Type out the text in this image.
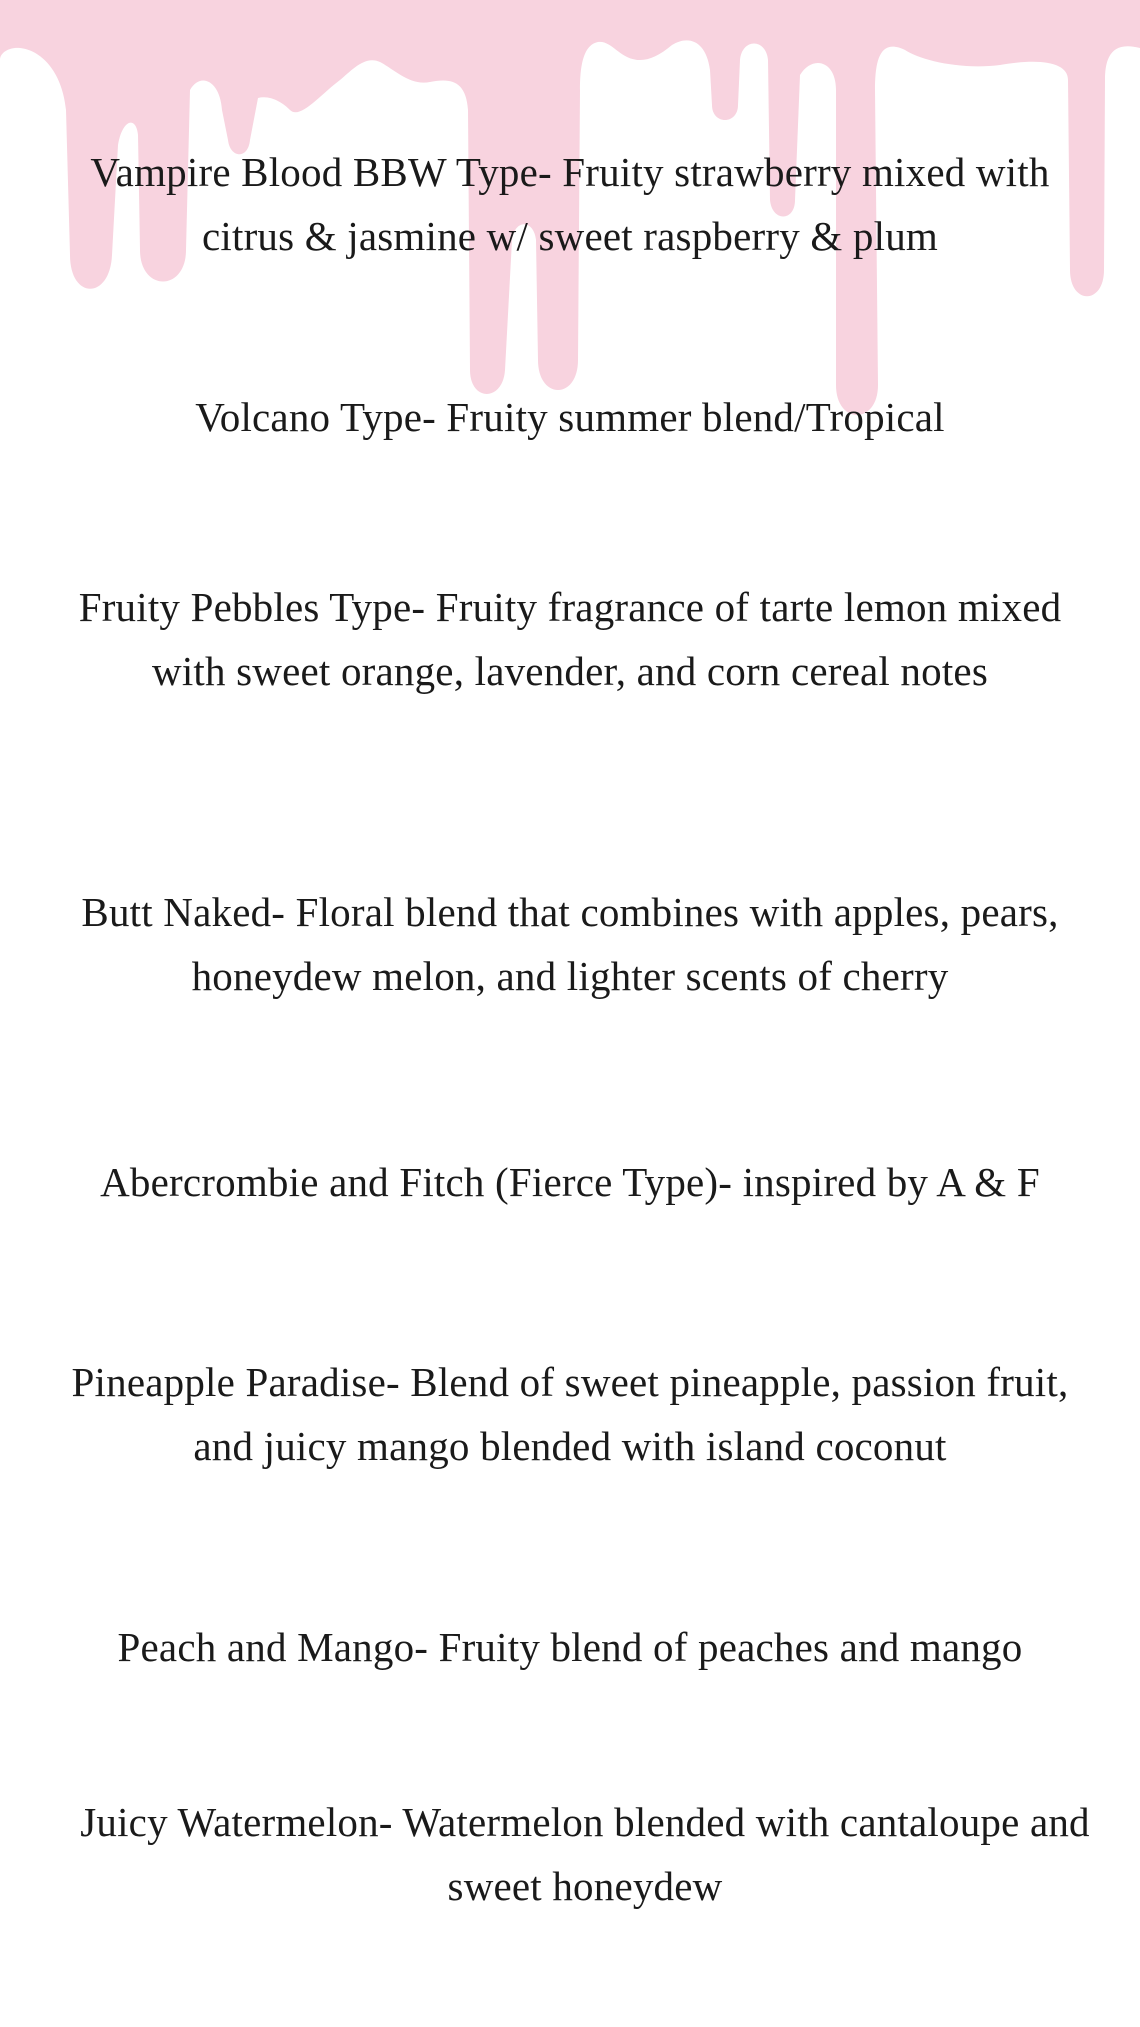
Vampire Blood BBW Type- Fruity strawberry mixed with citrus & jasmine w/ sweet raspberry & plum
Volcano Type- Fruity summer blend/Tropical
Fruity Pebbles Type- Fruity fragrance of tarte lemon mixed with sweet orange, lavender, and corn cereal notes
Butt Naked- Floral blend that combines with apples, pears, honeydew melon, and lighter scents of cherry
Abercrombie and Fitch (Fierce Type)- inspired by A & F
Pineapple Paradise- Blend of sweet pineapple, passion fruit, and juicy mango blended with island coconut
Peach and Mango- Fruity blend of peaches and mango
Juicy Watermelon- Watermelon blended with cantaloupe and sweet honeydew
